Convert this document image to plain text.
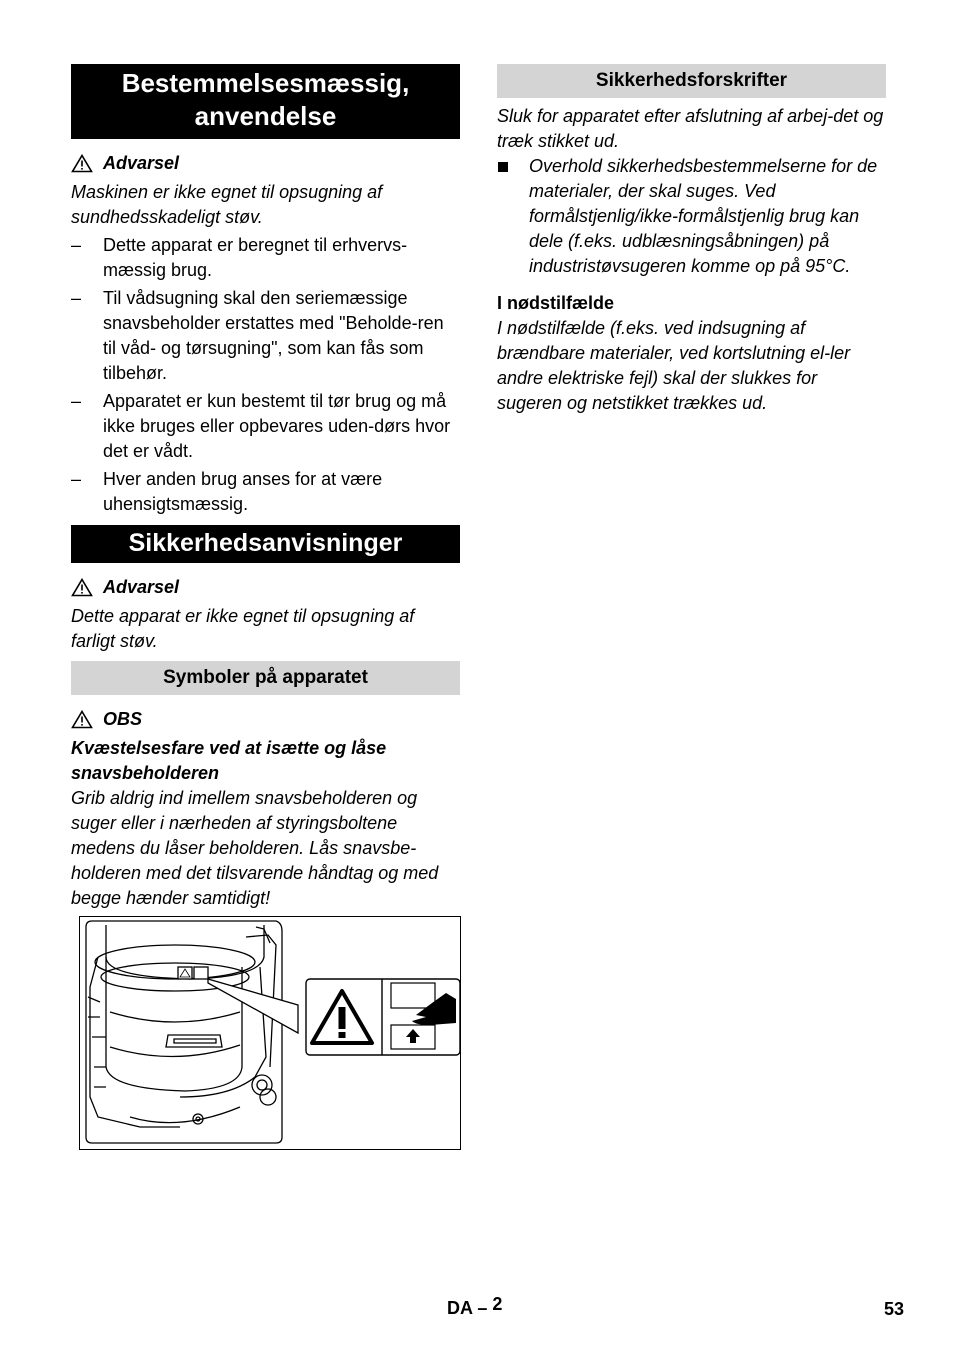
Bestemmelsesmæssig,
anvendelse
Advarsel

Maskinen er ikke egnet til opsugning af sundhedsskadeligt støv.

–	Dette apparat er beregnet til erhvervs-mæssig brug.
–	Til vådsugning skal den seriemæssige snavsbeholder erstattes med "Beholde-ren til våd- og tørsugning", som kan fås som tilbehør.
–	Apparatet er kun bestemt til tør brug og må ikke bruges eller opbevares uden-dørs hvor det er vådt.
–	Hver anden brug anses for at være uhensigtsmæssig.
Sikkerhedsanvisninger
Advarsel

Dette apparat er ikke egnet til opsugning af farligt støv.

Symboler på apparatet
OBS

Kvæstelsesfare ved at isætte og låse snavsbeholderen

Grib aldrig ind imellem snavsbeholderen og suger eller i nærheden af styringsboltene medens du låser beholderen. Lås snavsbe-holderen med det tilsvarende håndtag og med begge hænder samtidigt!

Sikkerhedsforskrifter

Sluk for apparatet efter afslutning af arbej-det og træk stikket ud.

Overhold sikkerhedsbestemmelserne for de materialer, der skal suges. Ved formålstjenlig/ikke-formålstjenlig brug kan dele (f.eks. udblæsningsåbningen) på industristøvsugeren komme op på 95°C.

I nødstilfælde

I nødstilfælde (f.eks. ved indsugning af brændbare materialer, ved kortslutning el-ler andre elektriske fejl) skal der slukkes for sugeren og netstikket trækkes ud.

DA – 2	53
